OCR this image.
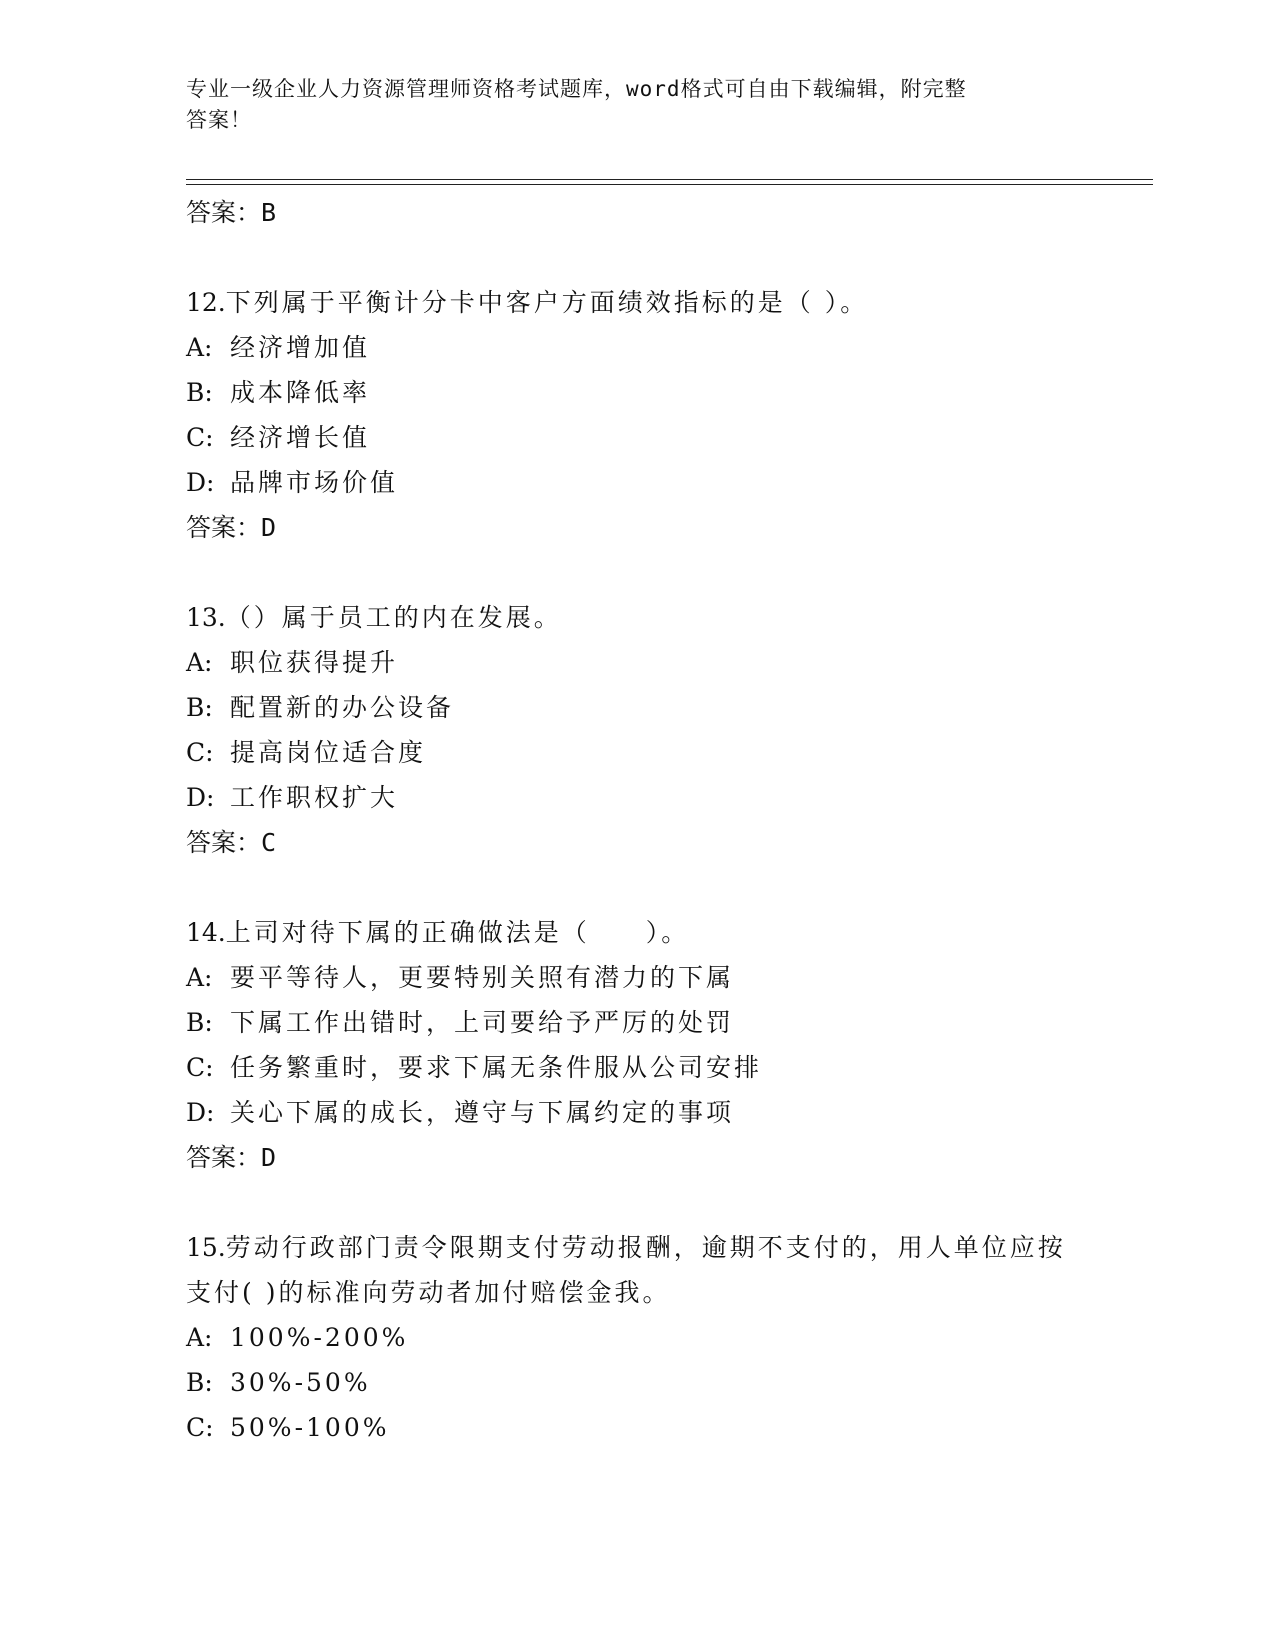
专业一级企业人力资源管理师资格考试题库，word格式可自由下载编辑，附完整
答案！
答案：B
12.下列属于平衡计分卡中客户方面绩效指标的是（ ）。
A: 经济增加值
B: 成本降低率
C: 经济增长值
D: 品牌市场价值
答案：D
13.（）属于员工的内在发展。
A: 职位获得提升
B: 配置新的办公设备
C: 提高岗位适合度
D: 工作职权扩大
答案：C
14.上司对待下属的正确做法是（　　）。
A: 要平等待人，更要特别关照有潜力的下属
B: 下属工作出错时，上司要给予严厉的处罚
C: 任务繁重时，要求下属无条件服从公司安排
D: 关心下属的成长，遵守与下属约定的事项
答案：D
15.劳动行政部门责令限期支付劳动报酬，逾期不支付的，用人单位应按支付( )的标准向劳动者加付赔偿金我。
A: 100%-200%
B: 30%-50%
C: 50%-100%
